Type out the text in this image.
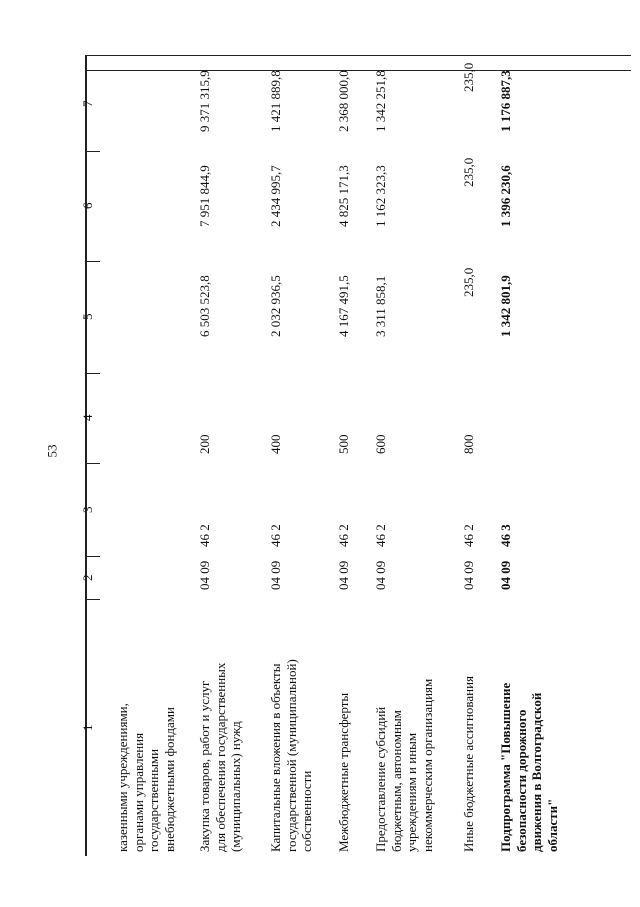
53
1
2
3
4
5
6
7
казенными учреждениями, органами управления государственными внебюджетными фондами Закупка товаров, работ и услуг для обеспечения государственных (муниципальных) нужд
04 09
46 2
200
6 503 523,8
7 951 844,9
9 371 315,9
Капитальные вложения в объекты государственной (муниципальной) собственности
04 09
46 2
400
2 032 936,5
2 434 995,7
1 421 889,8
Межбюджетные трансферты
04 09
46 2
500
4 167 491,5
4 825 171,3
2 368 000,0
Предоставление субсидий бюджетным, автономным учреждениям и иным некоммерческим организациям
04 09
46 2
600
3 311 858,1
1 162 323,3
1 342 251,8
Иные бюджетные ассигнования
04 09
46 2
800
235,0
235,0
235,0
Подпрограмма "Повышение безопасности дорожного движения в Волгоградской области"
04 09
46 3
1 342 801,9
1 396 230,6
1 176 887,3
